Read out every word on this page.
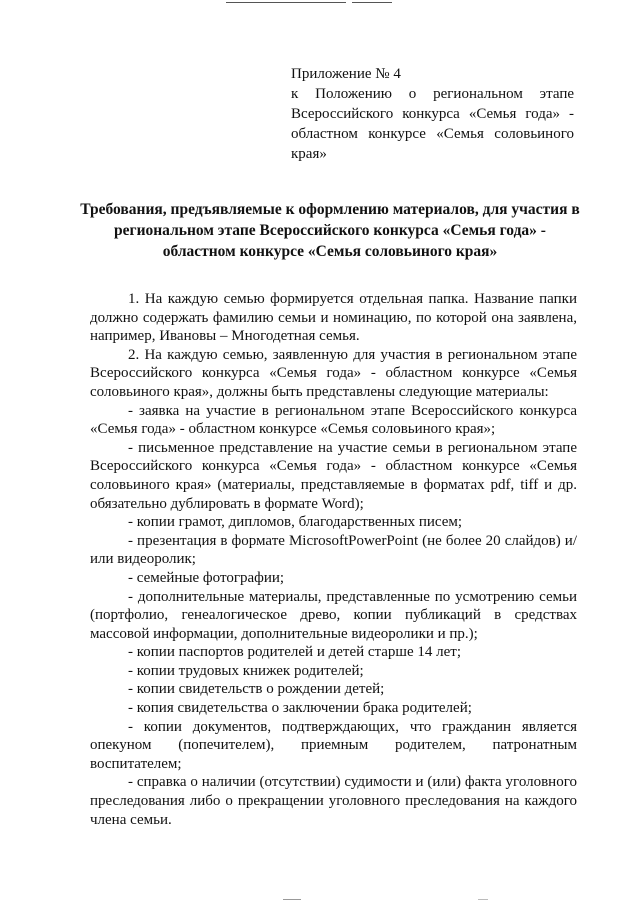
Приложение № 4
к Положению о региональном этапе
Всероссийского конкурса «Семья года» -
областном конкурсе «Семья соловьиного
края»
Требования, предъявляемые к оформлению материалов, для участия в
региональном этапе Всероссийского конкурса «Семья года» -
областном конкурсе «Семья соловьиного края»

1. На каждую семью формируется отдельная папка. Название папки должно содержать фамилию семьи и номинацию, по которой она заявлена, например, Ивановы – Многодетная семья.

2. На каждую семью, заявленную для участия в региональном этапе Всероссийского конкурса «Семья года» - областном конкурсе «Семья соловьиного края», должны быть представлены следующие материалы:

- заявка на участие в региональном этапе Всероссийского конкурса «Семья года» - областном конкурсе «Семья соловьиного края»;

- письменное представление на участие семьи в региональном этапе Всероссийского конкурса «Семья года» - областном конкурсе «Семья соловьиного края» (материалы, представляемые в форматах pdf, tiff и др. обязательно дублировать в формате Word);

- копии грамот, дипломов, благодарственных писем;

- презентация в формате MicrosoftPowerPoint (не более 20 слайдов) и/или видеоролик;

- семейные фотографии;

- дополнительные материалы, представленные по усмотрению семьи (портфолио, генеалогическое древо, копии публикаций в средствах массовой информации, дополнительные видеоролики и пр.);

- копии паспортов родителей и детей старше 14 лет;

- копии трудовых книжек родителей;

- копии свидетельств о рождении детей;

- копия свидетельства о заключении брака родителей;

- копии документов, подтверждающих, что гражданин является опекуном (попечителем), приемным родителем, патронатным воспитателем;

- справка о наличии (отсутствии) судимости и (или) факта уголовного преследования либо о прекращении уголовного преследования на каждого члена семьи.
